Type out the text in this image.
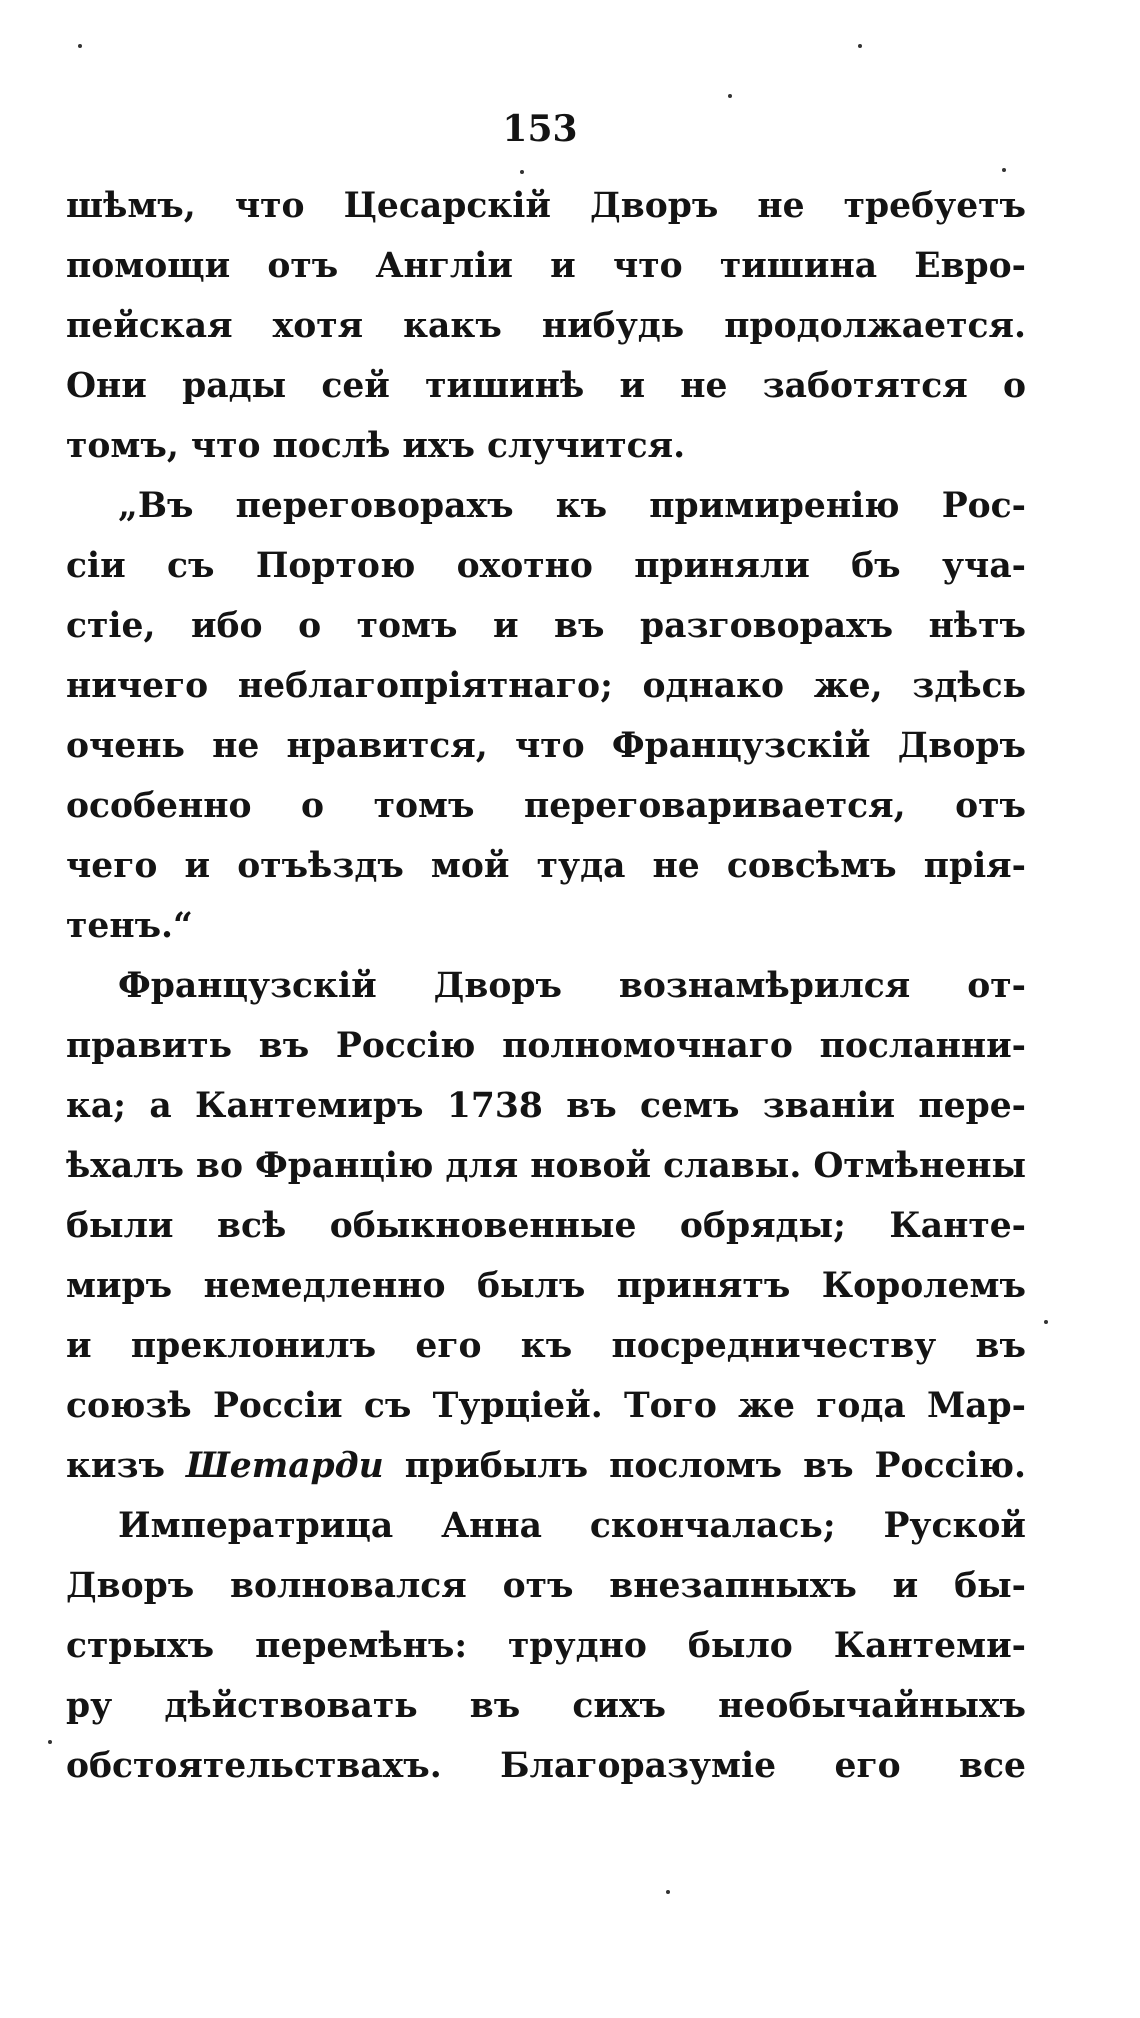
153
шѣмъ, что Цесарскій Дворъ не требуетъ
помощи отъ Англіи и что тишина Евро-
пейская хотя какъ нибудь продолжается.
Они рады сей тишинѣ и не заботятся о
томъ, что послѣ ихъ случится.
„Въ переговорахъ къ примиренію Рос-
сіи съ Портою охотно приняли бъ уча-
стіе, ибо о томъ и въ разговорахъ нѣтъ
ничего неблагопріятнаго; однако же, здѣсь
очень не нравится, что Французскій Дворъ
особенно о томъ переговаривается, отъ
чего и отъѣздъ мой туда не совсѣмъ прія-
тенъ.“
Французскій Дворъ вознамѣрился от-
править въ Россію полномочнаго посланни-
ка; а Кантемиръ 1738 въ семъ званіи пере-
ѣхалъ во Францію для новой славы. Отмѣнены
были всѣ обыкновенные обряды; Канте-
миръ немедленно былъ принятъ Королемъ
и преклонилъ его къ посредничеству въ
союзѣ Россіи съ Турціей. Того же года Мар-
кизъ Шетарди прибылъ посломъ въ Россію.
Императрица Анна скончалась; Руской
Дворъ волновался отъ внезапныхъ и бы-
стрыхъ перемѣнъ: трудно было Кантеми-
ру дѣйствовать въ сихъ необычайныхъ
обстоятельствахъ. Благоразуміе его все
